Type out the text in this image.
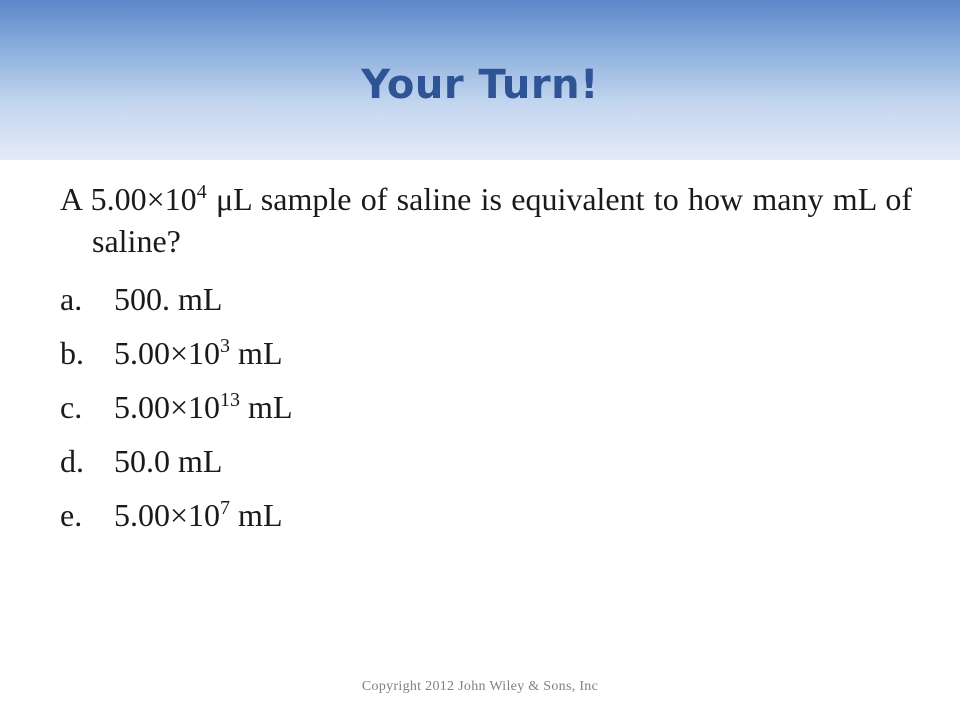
Your Turn!
A $5.00\times 10^4$ μL sample of saline is equivalent to how many mL of saline?
a. 500. mL
b. $5.00\times 10^3$ mL
c. $5.00\times 10^{13}$ mL
d. 50.0 mL
e. $5.00\times 10^7$ mL
Copyright 2012 John Wiley & Sons, Inc
